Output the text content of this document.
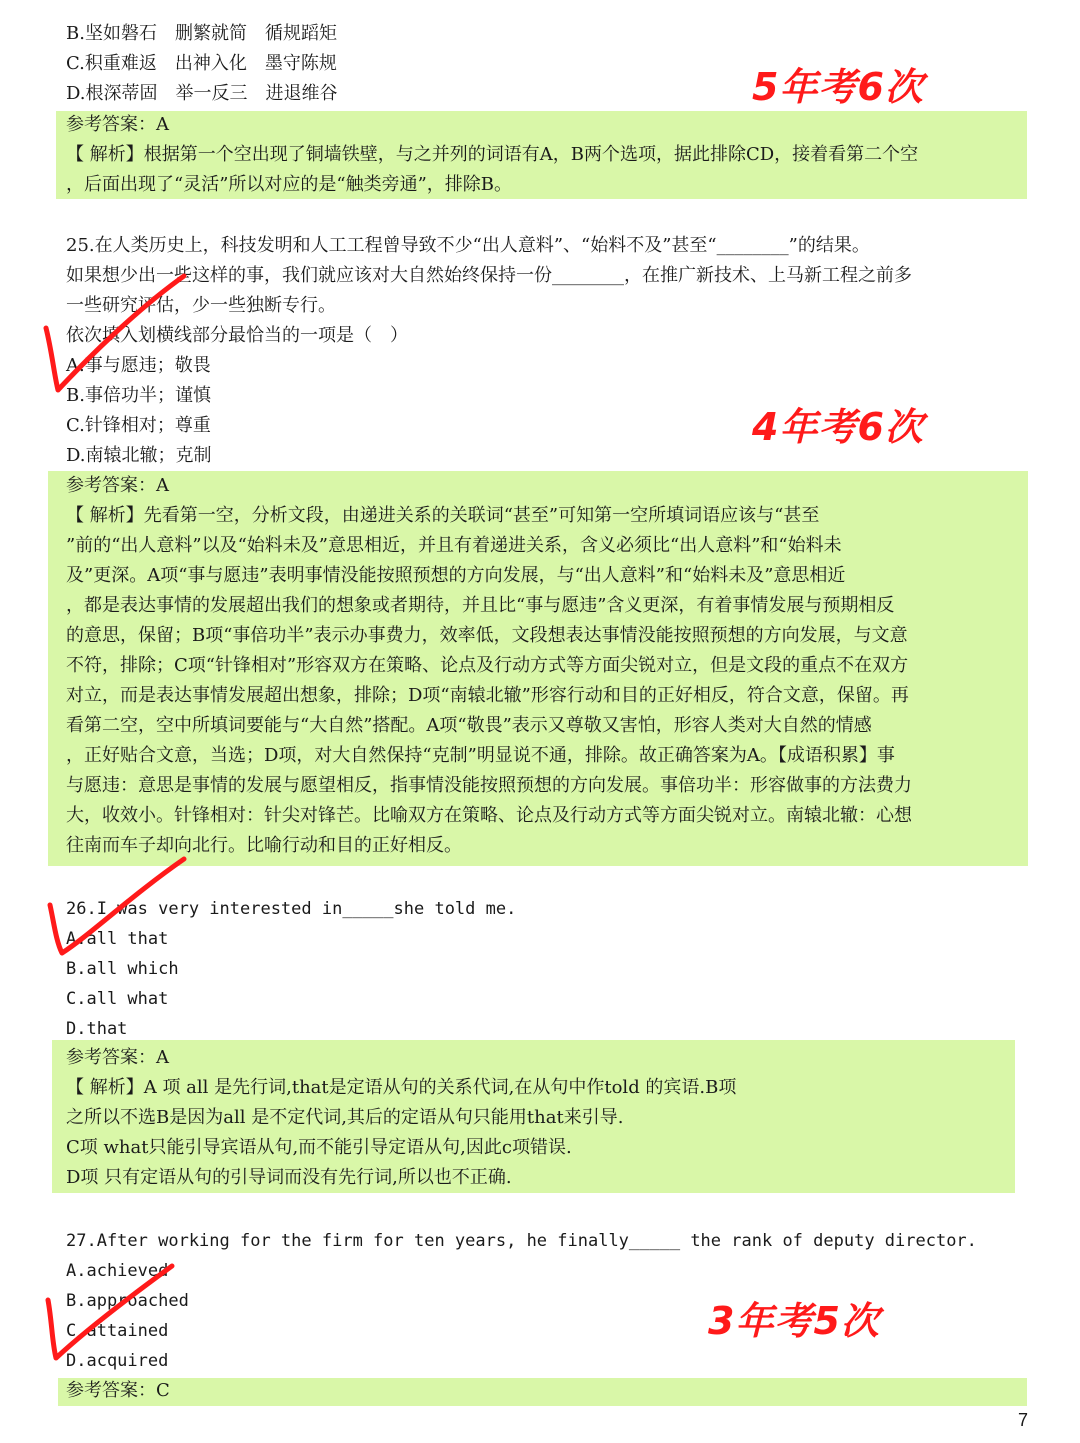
B.坚如磐石　删繁就简　循规蹈矩
C.积重难返　出神入化　墨守陈规
D.根深蒂固　举一反三　进退维谷
参考答案：A
【 解析】根据第一个空出现了铜墙铁壁，与之并列的词语有A，B两个选项，据此排除CD，接着看第二个空
，后面出现了“灵活”所以对应的是“触类旁通”，排除B。
25.在人类历史上，科技发明和人工工程曾导致不少“出人意料”、“始料不及”甚至“________”的结果。
如果想少出一些这样的事，我们就应该对大自然始终保持一份________，在推广新技术、上马新工程之前多
一些研究评估，少一些独断专行。
依次填入划横线部分最恰当的一项是（　）
A.事与愿违；敬畏
B.事倍功半；谨慎
C.针锋相对；尊重
D.南辕北辙；克制
参考答案：A
【 解析】先看第一空，分析文段，由递进关系的关联词“甚至”可知第一空所填词语应该与“甚至
”前的“出人意料”以及“始料未及”意思相近，并且有着递进关系，含义必须比“出人意料”和“始料未
及”更深。A项“事与愿违”表明事情没能按照预想的方向发展，与“出人意料”和“始料未及”意思相近
，都是表达事情的发展超出我们的想象或者期待，并且比“事与愿违”含义更深，有着事情发展与预期相反
的意思，保留；B项“事倍功半”表示办事费力，效率低，文段想表达事情没能按照预想的方向发展，与文意
不符，排除；C项“针锋相对”形容双方在策略、论点及行动方式等方面尖锐对立，但是文段的重点不在双方
对立，而是表达事情发展超出想象，排除；D项“南辕北辙”形容行动和目的正好相反，符合文意，保留。再
看第二空，空中所填词要能与“大自然”搭配。A项“敬畏”表示又尊敬又害怕，形容人类对大自然的情感
，正好贴合文意，当选；D项，对大自然保持“克制”明显说不通，排除。故正确答案为A。【成语积累】事
与愿违：意思是事情的发展与愿望相反，指事情没能按照预想的方向发展。事倍功半：形容做事的方法费力
大，收效小。针锋相对：针尖对锋芒。比喻双方在策略、论点及行动方式等方面尖锐对立。南辕北辙：心想
往南而车子却向北行。比喻行动和目的正好相反。
26.I was very interested in_____she told me.
A.all that
B.all which
C.all what
D.that
参考答案：A
【 解析】A 项 all 是先行词,that是定语从句的关系代词,在从句中作told 的宾语.B项
之所以不选B是因为all 是不定代词,其后的定语从句只能用that来引导.
C项 what只能引导宾语从句,而不能引导定语从句,因此c项错误.
D项 只有定语从句的引导词而没有先行词,所以也不正确.
27.After working for the firm for ten years, he finally_____ the rank of deputy director.
A.achieved
B.approached
C.attained
D.acquired
参考答案：C
5年考6次
4年考6次
3年考5次
7
